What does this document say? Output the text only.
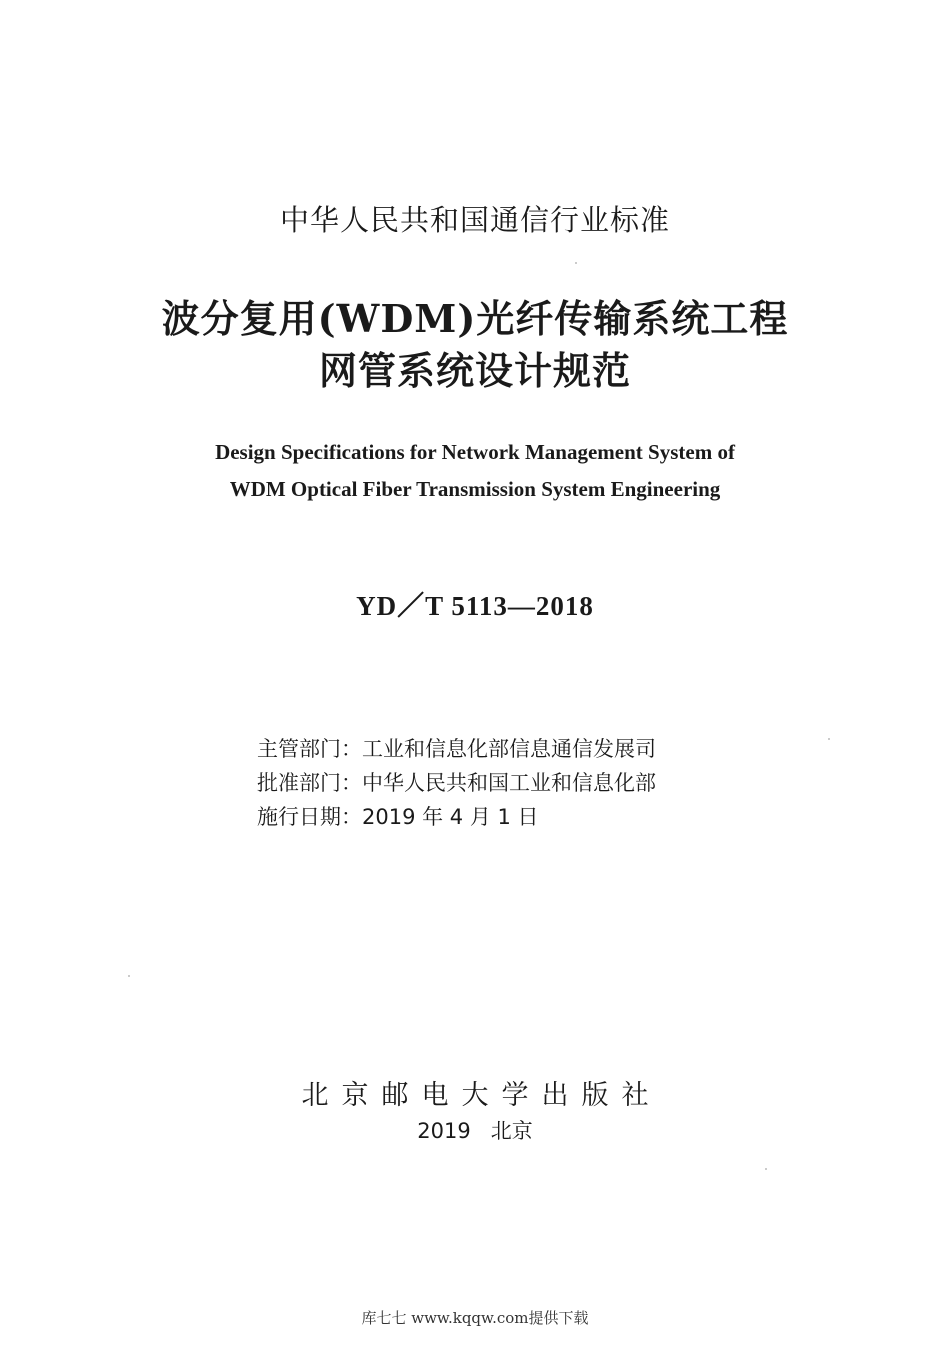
中华人民共和国通信行业标准
波分复用(WDM)光纤传输系统工程
网管系统设计规范
Design Specifications for Network Management System of
WDM Optical Fiber Transmission System Engineering
YD／T 5113—2018
主管部门：工业和信息化部信息通信发展司
批准部门：中华人民共和国工业和信息化部
施行日期：2019 年 4 月 1 日
北京邮电大学出版社
2019 北京
库七七 www.kqqw.com提供下载
